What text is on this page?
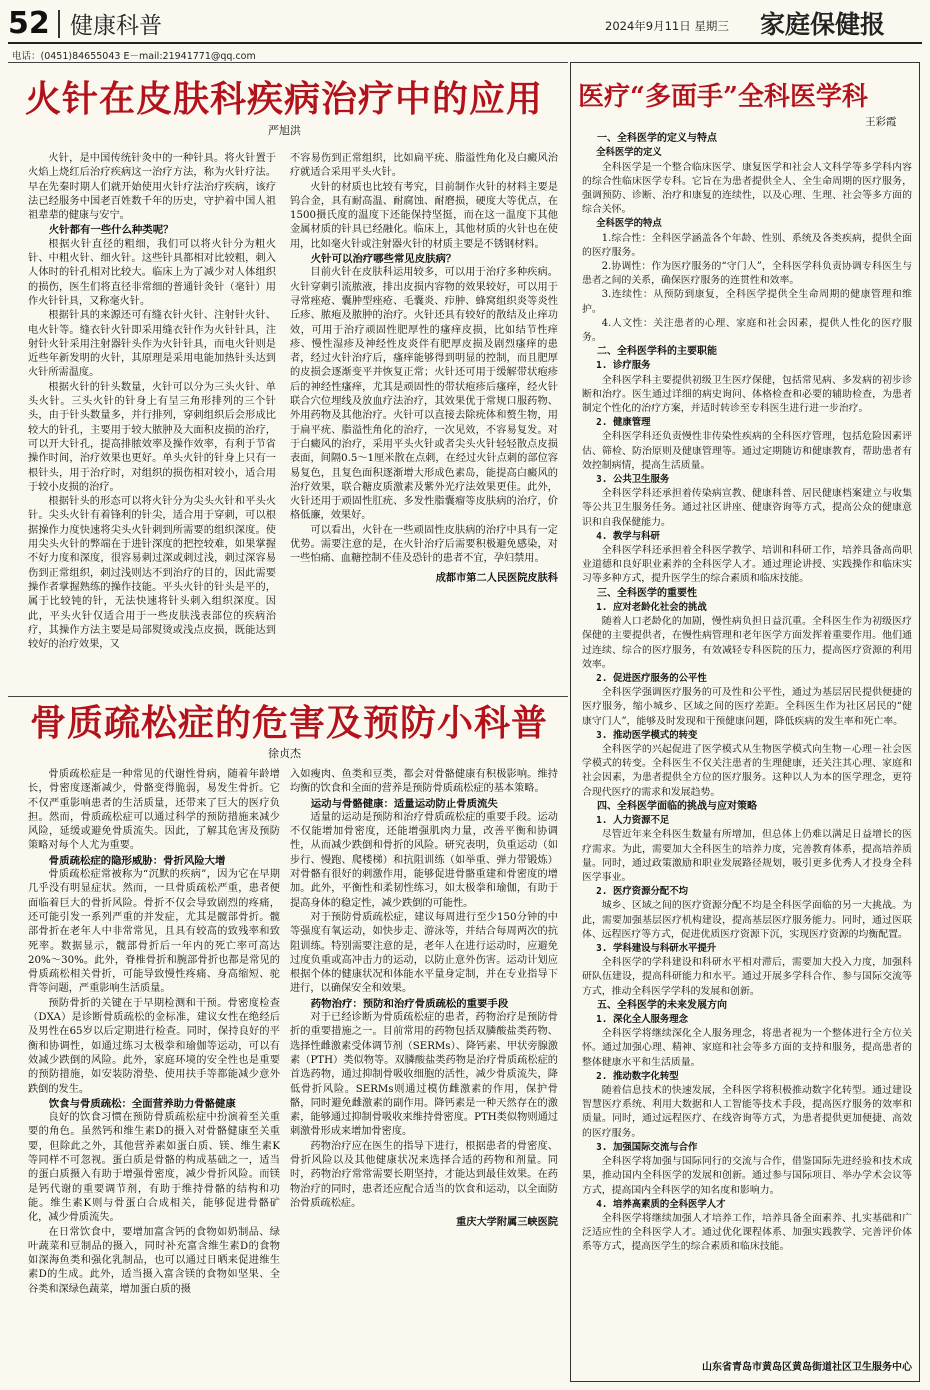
52 健康科普	2024年9月11日 星期三 家庭保健报
电话：(0451)84655043 E－mail:21941771@qq.com
火针在皮肤科疾病治疗中的应用
严旭洪

火针，是中国传统针灸中的一种针具。将火针置于火焰上烧红后治疗疾病这一治疗方法，称为火针疗法。早在先秦时期人们就开始使用火针疗法治疗疾病，该疗法已经服务中国老百姓数千年的历史，守护着中国人祖祖辈辈的健康与安宁。

火针都有一些什么种类呢？

根据火针直径的粗细，我们可以将火针分为粗火针、中粗火针、细火针。这些针具都相对比较粗，刺入人体时的针孔相对比较大。临床上为了减少对人体组织的损伤，医生们将直径非常细的普通针灸针（毫针）用作火针针具，又称毫火针。

根据针具的来源还可有缝衣针火针、注射针火针、电火针等。缝衣针火针即采用缝衣针作为火针针具，注射针火针采用注射器针头作为火针针具，而电火针则是近些年新发明的火针，其原理是采用电能加热针头达到火针所需温度。

根据火针的针头数量，火针可以分为三头火针、单头火针。三头火针的针身上有呈三角形排列的三个针头，由于针头数量多，并行排列，穿刺组织后会形成比较大的针孔，主要用于较大脓肿及大面积皮损的治疗，可以开大针孔，提高排脓效率及操作效率，有利于节省操作时间，治疗效果也更好。单头火针的针身上只有一根针头，用于治疗时，对组织的损伤相对较小，适合用于较小皮损的治疗。

根据针头的形态可以将火针分为尖头火针和平头火针。尖头火针有着锋利的针尖，适合用于穿刺，可以根据操作力度快速将尖头火针刺到所需要的组织深度。使用尖头火针的弊端在于进针深度的把控较难，如果掌握不好力度和深度，很容易刺过深或刺过浅，刺过深容易伤到正常组织，刺过浅则达不到治疗的目的，因此需要操作者掌握熟练的操作技能。平头火针的针头是平的，属于比较钝的针，无法快速将针头刺入组织深度。因此，平头火针仅适合用于一些皮肤浅表部位的疾病治疗，其操作方法主要是局部熨烫或浅点皮损，既能达到较好的治疗效果，又

不容易伤到正常组织，比如扁平疣、脂溢性角化及白癜风治疗就适合采用平头火针。

火针的材质也比较有考究，目前制作火针的材料主要是钨合金，具有耐高温、耐腐蚀、耐磨损，硬度大等优点，在1500摄氏度的温度下还能保持坚挺，而在这一温度下其他金属材质的针具已经融化。临床上，其他材质的火针也在使用，比如毫火针或注射器火针的材质主要是不锈钢材料。

火针可以治疗哪些常见皮肤病？

目前火针在皮肤科运用较多，可以用于治疗多种疾病。火针穿刺引流脓液，排出皮损内容物的效果较好，可以用于寻常痤疮、囊肿型痤疮、毛囊炎、疖肿、蜂窝组织炎等炎性丘疹、脓疱及脓肿的治疗。火针还具有较好的散结及止痒功效，可用于治疗顽固性肥厚性的瘙痒皮损，比如结节性痒疹、慢性湿疹及神经性皮炎伴有肥厚皮损及剧烈瘙痒的患者，经过火针治疗后，瘙痒能够得到明显的控制，而且肥厚的皮损会逐渐变平并恢复正常；火针还可用于缓解带状疱疹后的神经性瘙痒，尤其是顽固性的带状疱疹后瘙痒，经火针联合穴位埋线及放血疗法治疗，其效果优于常规口服药物、外用药物及其他治疗。火针可以直接去除疣体和赘生物，用于扁平疣、脂溢性角化的治疗，一次见效，不容易复发。对于白癜风的治疗，采用平头火针或者尖头火针轻轻散点皮损表面，间隔0.5～1厘米散在点刺，在经过火针点刺的部位容易复色，且复色面积逐渐增大形成色素岛，能提高白癜风的治疗效果，联合糖皮质激素及紫外光疗法效果更佳。此外，火针还用于顽固性肛疣、多发性脂囊瘤等皮肤病的治疗，价格低廉，效果好。

可以看出，火针在一些顽固性皮肤病的治疗中具有一定优势。需要注意的是，在火针治疗后需要积极避免感染，对一些怕痛、血糖控制不佳及恐针的患者不宜，孕妇禁用。

成都市第二人民医院皮肤科

骨质疏松症的危害及预防小科普
徐贞杰

骨质疏松症是一种常见的代谢性骨病，随着年龄增长，骨密度逐渐减少，骨骼变得脆弱，易发生骨折。它不仅严重影响患者的生活质量，还带来了巨大的医疗负担。然而，骨质疏松症可以通过科学的预防措施来减少风险，延缓或避免骨质流失。因此，了解其危害及预防策略对每个人尤为重要。

骨质疏松症的隐形威胁：骨折风险大增

骨质疏松症常被称为“沉默的疾病”，因为它在早期几乎没有明显症状。然而，一旦骨质疏松严重，患者便面临着巨大的骨折风险。骨折不仅会导致剧烈的疼痛，还可能引发一系列严重的并发症，尤其是髋部骨折。髋部骨折在老年人中非常常见，且具有较高的致残率和致死率。数据显示，髋部骨折后一年内的死亡率可高达20%～30%。此外，脊椎骨折和腕部骨折也都是常见的骨质疏松相关骨折，可能导致慢性疼痛、身高缩短、驼背等问题，严重影响生活质量。

预防骨折的关键在于早期检测和干预。骨密度检查（DXA）是诊断骨质疏松的金标准，建议女性在绝经后及男性在65岁以后定期进行检查。同时，保持良好的平衡和协调性，如通过练习太极拳和瑜伽等运动，可以有效减少跌倒的风险。此外，家庭环境的安全性也是重要的预防措施，如安装防滑垫、使用扶手等都能减少意外跌倒的发生。

饮食与骨质疏松：全面营养助力骨骼健康

良好的饮食习惯在预防骨质疏松症中扮演着至关重要的角色。虽然钙和维生素D的摄入对骨骼健康至关重要，但除此之外，其他营养素如蛋白质、镁、维生素K等同样不可忽视。蛋白质是骨骼的构成基础之一，适当的蛋白质摄入有助于增强骨密度，减少骨折风险。而镁是钙代谢的重要调节剂，有助于维持骨骼的结构和功能。维生素K则与骨蛋白合成相关，能够促进骨骼矿化，减少骨质流失。

在日常饮食中，要增加富含钙的食物如奶制品、绿叶蔬菜和豆制品的摄入，同时补充富含维生素D的食物如深海鱼类和强化乳制品，也可以通过日晒来促进维生素D的生成。此外，适当摄入富含镁的食物如坚果、全谷类和深绿色蔬菜，增加蛋白质的摄

入如瘦肉、鱼类和豆类，都会对骨骼健康有积极影响。维持均衡的饮食和全面的营养是预防骨质疏松症的基本策略。

运动与骨骼健康：适量运动防止骨质流失

适量的运动是预防和治疗骨质疏松症的重要手段。运动不仅能增加骨密度，还能增强肌肉力量，改善平衡和协调性，从而减少跌倒和骨折的风险。研究表明，负重运动（如步行、慢跑、爬楼梯）和抗阻训练（如举重、弹力带锻炼）对骨骼有很好的刺激作用，能够促进骨骼重建和骨密度的增加。此外，平衡性和柔韧性练习，如太极拳和瑜伽，有助于提高身体的稳定性，减少跌倒的可能性。

对于预防骨质疏松症，建议每周进行至少150分钟的中等强度有氧运动，如快步走、游泳等，并结合每周两次的抗阻训练。特别需要注意的是，老年人在进行运动时，应避免过度负重或高冲击力的运动，以防止意外伤害。运动计划应根据个体的健康状况和体能水平量身定制，并在专业指导下进行，以确保安全和效果。

药物治疗：预防和治疗骨质疏松的重要手段

对于已经诊断为骨质疏松症的患者，药物治疗是预防骨折的重要措施之一。目前常用的药物包括双膦酸盐类药物、选择性雌激素受体调节剂（SERMs）、降钙素、甲状旁腺激素（PTH）类似物等。双膦酸盐类药物是治疗骨质疏松症的首选药物，通过抑制骨吸收细胞的活性，减少骨质流失，降低骨折风险。SERMs则通过模仿雌激素的作用，保护骨骼，同时避免雌激素的副作用。降钙素是一种天然存在的激素，能够通过抑制骨吸收来维持骨密度。PTH类似物则通过刺激骨形成来增加骨密度。

药物治疗应在医生的指导下进行，根据患者的骨密度、骨折风险以及其他健康状况来选择合适的药物和剂量。同时，药物治疗常常需要长期坚持，才能达到最佳效果。在药物治疗的同时，患者还应配合适当的饮食和运动，以全面防治骨质疏松症。

重庆大学附属三峡医院

医疗“多面手”全科医学科
王彩霞
一、全科医学的定义与特点
全科医学的定义

全科医学是一个整合临床医学、康复医学和社会人文科学等多学科内容的综合性临床医学专科。它旨在为患者提供全人、全生命周期的医疗服务，强调预防、诊断、治疗和康复的连续性，以及心理、生理、社会等多方面的综合关怀。

全科医学的特点

1.综合性：全科医学涵盖各个年龄、性别、系统及各类疾病，提供全面的医疗服务。

2.协调性：作为医疗服务的“守门人”，全科医学科负责协调专科医生与患者之间的关系，确保医疗服务的连贯性和效率。

3.连续性：从预防到康复，全科医学提供全生命周期的健康管理和维护。

4.人文性：关注患者的心理、家庭和社会因素，提供人性化的医疗服务。

二、全科医学科的主要职能
1. 诊疗服务

全科医学科主要提供初级卫生医疗保健，包括常见病、多发病的初步诊断和治疗。医生通过详细的病史询问、体格检查和必要的辅助检查，为患者制定个性化的治疗方案，并适时转诊至专科医生进行进一步治疗。

2. 健康管理

全科医学科还负责慢性非传染性疾病的全科医疗管理，包括危险因素评估、筛检、防治原则及健康管理等。通过定期随访和健康教育，帮助患者有效控制病情，提高生活质量。

3. 公共卫生服务

全科医学科还承担着传染病宣教、健康科普、居民健康档案建立与收集等公共卫生服务任务。通过社区讲座、健康咨询等方式，提高公众的健康意识和自我保健能力。

4. 教学与科研

全科医学科还承担着全科医学教学、培训和科研工作，培养具备高尚职业道德和良好职业素养的全科医学人才。通过理论讲授、实践操作和临床实习等多种方式，提升医学生的综合素质和临床技能。

三、全科医学的重要性
1. 应对老龄化社会的挑战

随着人口老龄化的加剧，慢性病负担日益沉重。全科医生作为初级医疗保健的主要提供者，在慢性病管理和老年医学方面发挥着重要作用。他们通过连续、综合的医疗服务，有效减轻专科医院的压力，提高医疗资源的利用效率。

2. 促进医疗服务的公平性

全科医学强调医疗服务的可及性和公平性，通过为基层居民提供便捷的医疗服务，缩小城乡、区域之间的医疗差距。全科医生作为社区居民的“健康守门人”，能够及时发现和干预健康问题，降低疾病的发生率和死亡率。

3. 推动医学模式的转变

全科医学的兴起促进了医学模式从生物医学模式向生物－心理－社会医学模式的转变。全科医生不仅关注患者的生理健康，还关注其心理、家庭和社会因素，为患者提供全方位的医疗服务。这种以人为本的医学理念，更符合现代医疗的需求和发展趋势。

四、全科医学面临的挑战与应对策略
1. 人力资源不足

尽管近年来全科医生数量有所增加，但总体上仍难以满足日益增长的医疗需求。为此，需要加大全科医生的培养力度，完善教育体系，提高培养质量。同时，通过政策激励和职业发展路径规划，吸引更多优秀人才投身全科医学事业。

2. 医疗资源分配不均

城乡、区域之间的医疗资源分配不均是全科医学面临的另一大挑战。为此，需要加强基层医疗机构建设，提高基层医疗服务能力。同时，通过医联体、远程医疗等方式，促进优质医疗资源下沉，实现医疗资源的均衡配置。

3. 学科建设与科研水平提升

全科医学的学科建设和科研水平相对滞后，需要加大投入力度，加强科研队伍建设，提高科研能力和水平。通过开展多学科合作、参与国际交流等方式，推动全科医学学科的发展和创新。

五、全科医学的未来发展方向
1. 深化全人服务理念

全科医学将继续深化全人服务理念，将患者视为一个整体进行全方位关怀。通过加强心理、精神、家庭和社会等多方面的支持和服务，提高患者的整体健康水平和生活质量。

2. 推动数字化转型

随着信息技术的快速发展，全科医学将积极推动数字化转型。通过建设智慧医疗系统、利用大数据和人工智能等技术手段，提高医疗服务的效率和质量。同时，通过远程医疗、在线咨询等方式，为患者提供更加便捷、高效的医疗服务。

3. 加强国际交流与合作

全科医学将加强与国际同行的交流与合作，借鉴国际先进经验和技术成果，推动国内全科医学的发展和创新。通过参与国际项目、举办学术会议等方式，提高国内全科医学的知名度和影响力。

4. 培养高素质的全科医学人才

全科医学将继续加强人才培养工作，培养具备全面素养、扎实基础和广泛适应性的全科医学人才。通过优化课程体系、加强实践教学、完善评价体系等方式，提高医学生的综合素质和临床技能。

山东省青岛市黄岛区黄岛街道社区卫生服务中心
